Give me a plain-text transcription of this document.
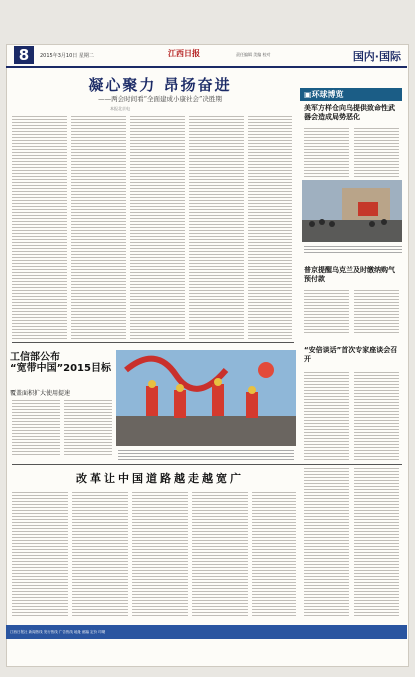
8	2015年3月10日 星期二	江西日报	责任编辑 美编 校对	国内·国际
凝心聚力 昂扬奋进
——两会时间看“全面建成小康社会”决胜期
本报北京电
▣环球博览
美军方样仓向乌提供致命性武器会造成局势恶化
普京提醒乌克兰及时缴纳购气预付款
“安倍谈话”首次专家座谈会召开
工信部公布
“宽带中国”2015目标
覆盖面积扩大使用提速
改革让中国道路越走越宽广
江西日报社 新闻热线 发行热线 广告热线 地址 邮编 定价 印刷
